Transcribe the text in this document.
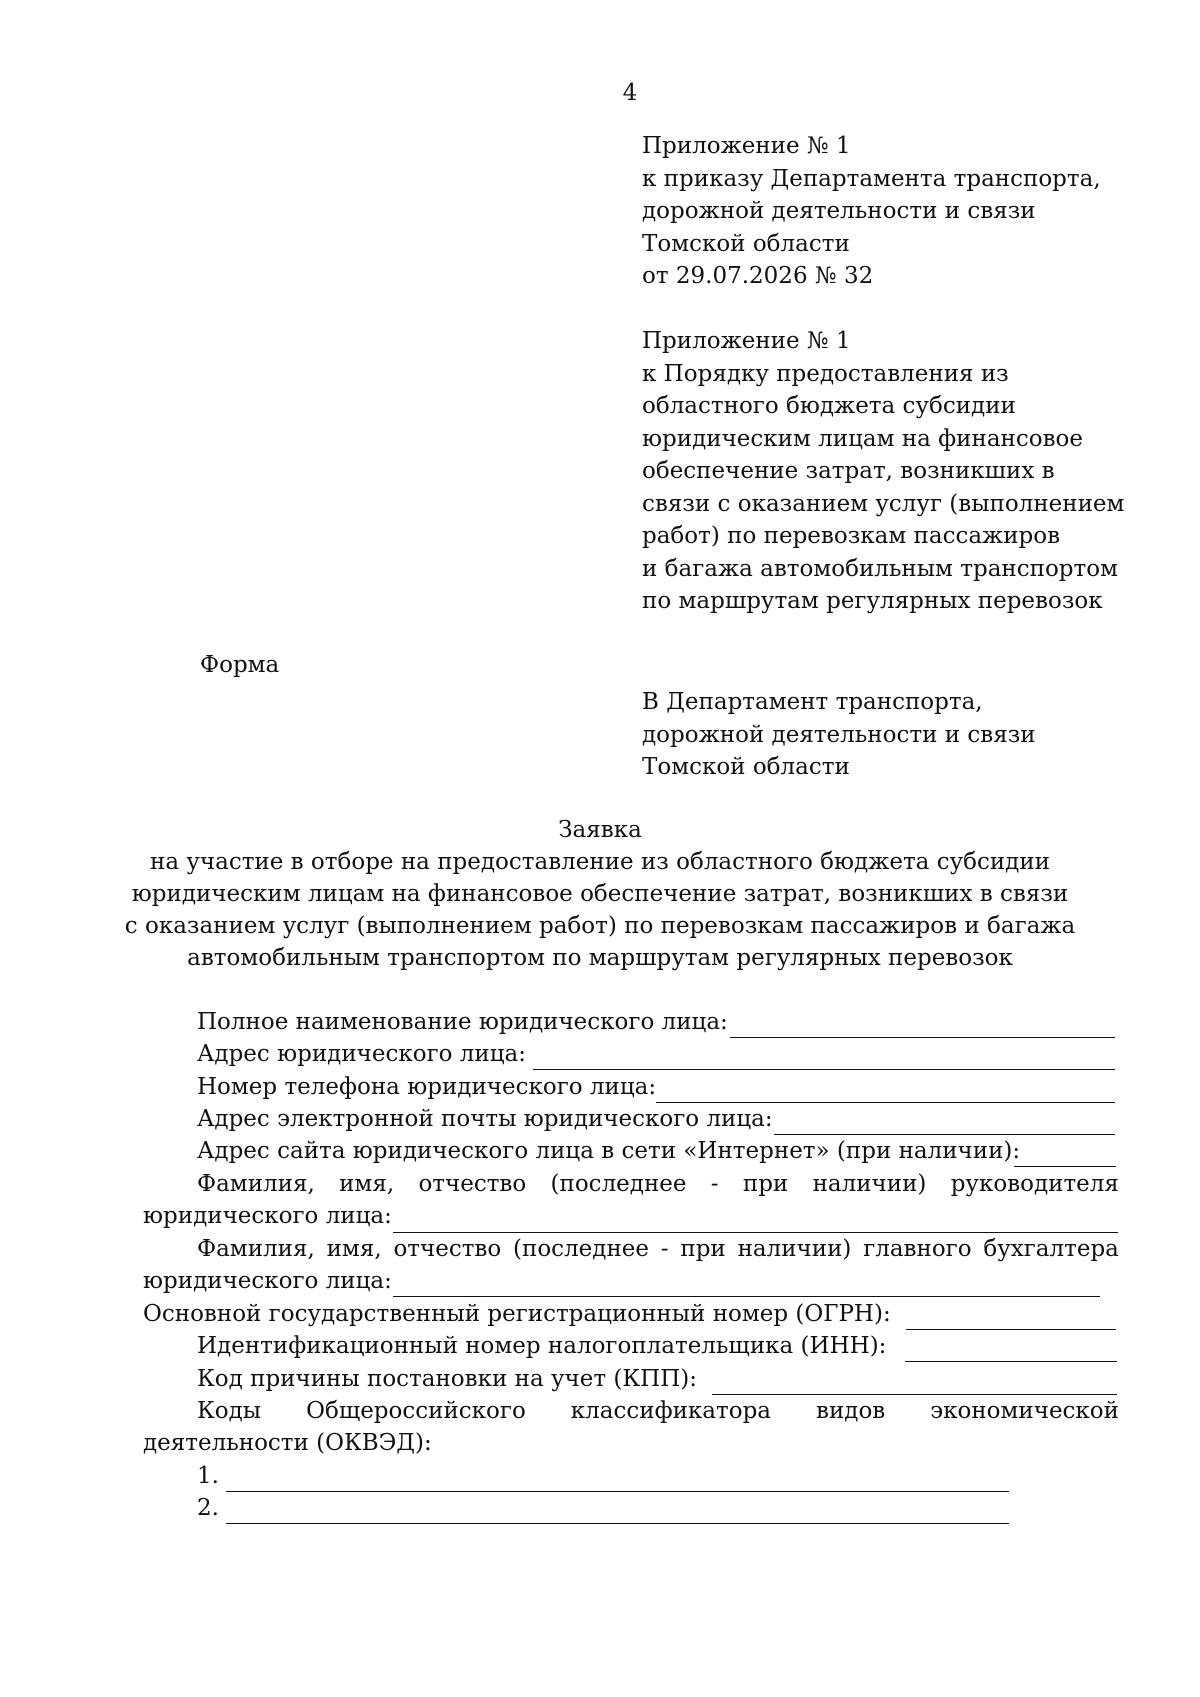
4
Приложение № 1
к приказу Департамента транспорта,
дорожной деятельности и связи
Томской области
от 29.07.2026 № 32
Приложение № 1
к Порядку предоставления из
областного бюджета субсидии
юридическим лицам на финансовое
обеспечение затрат, возникших в
связи с оказанием услуг (выполнением
работ) по перевозкам пассажиров
и багажа автомобильным транспортом
по маршрутам регулярных перевозок
Форма
В Департамент транспорта,
дорожной деятельности и связи
Томской области
Заявка
на участие в отборе на предоставление из областного бюджета субсидии
юридическим лицам на финансовое обеспечение затрат, возникших в связи
с оказанием услуг (выполнением работ) по перевозкам пассажиров и багажа
автомобильным транспортом по маршрутам регулярных перевозок
Полное наименование юридического лица:
Адрес юридического лица:
Номер телефона юридического лица:
Адрес электронной почты юридического лица:
Адрес сайта юридического лица в сети «Интернет» (при наличии):
Фамилия, имя, отчество (последнее - при наличии) руководителя
юридического лица:
Фамилия, имя, отчество (последнее - при наличии) главного бухгалтера
юридического лица:
Основной государственный регистрационный номер (ОГРН):
Идентификационный номер налогоплательщика (ИНН):
Код причины постановки на учет (КПП):
Коды Общероссийского классификатора видов экономической
деятельности (ОКВЭД):
1.
2.
